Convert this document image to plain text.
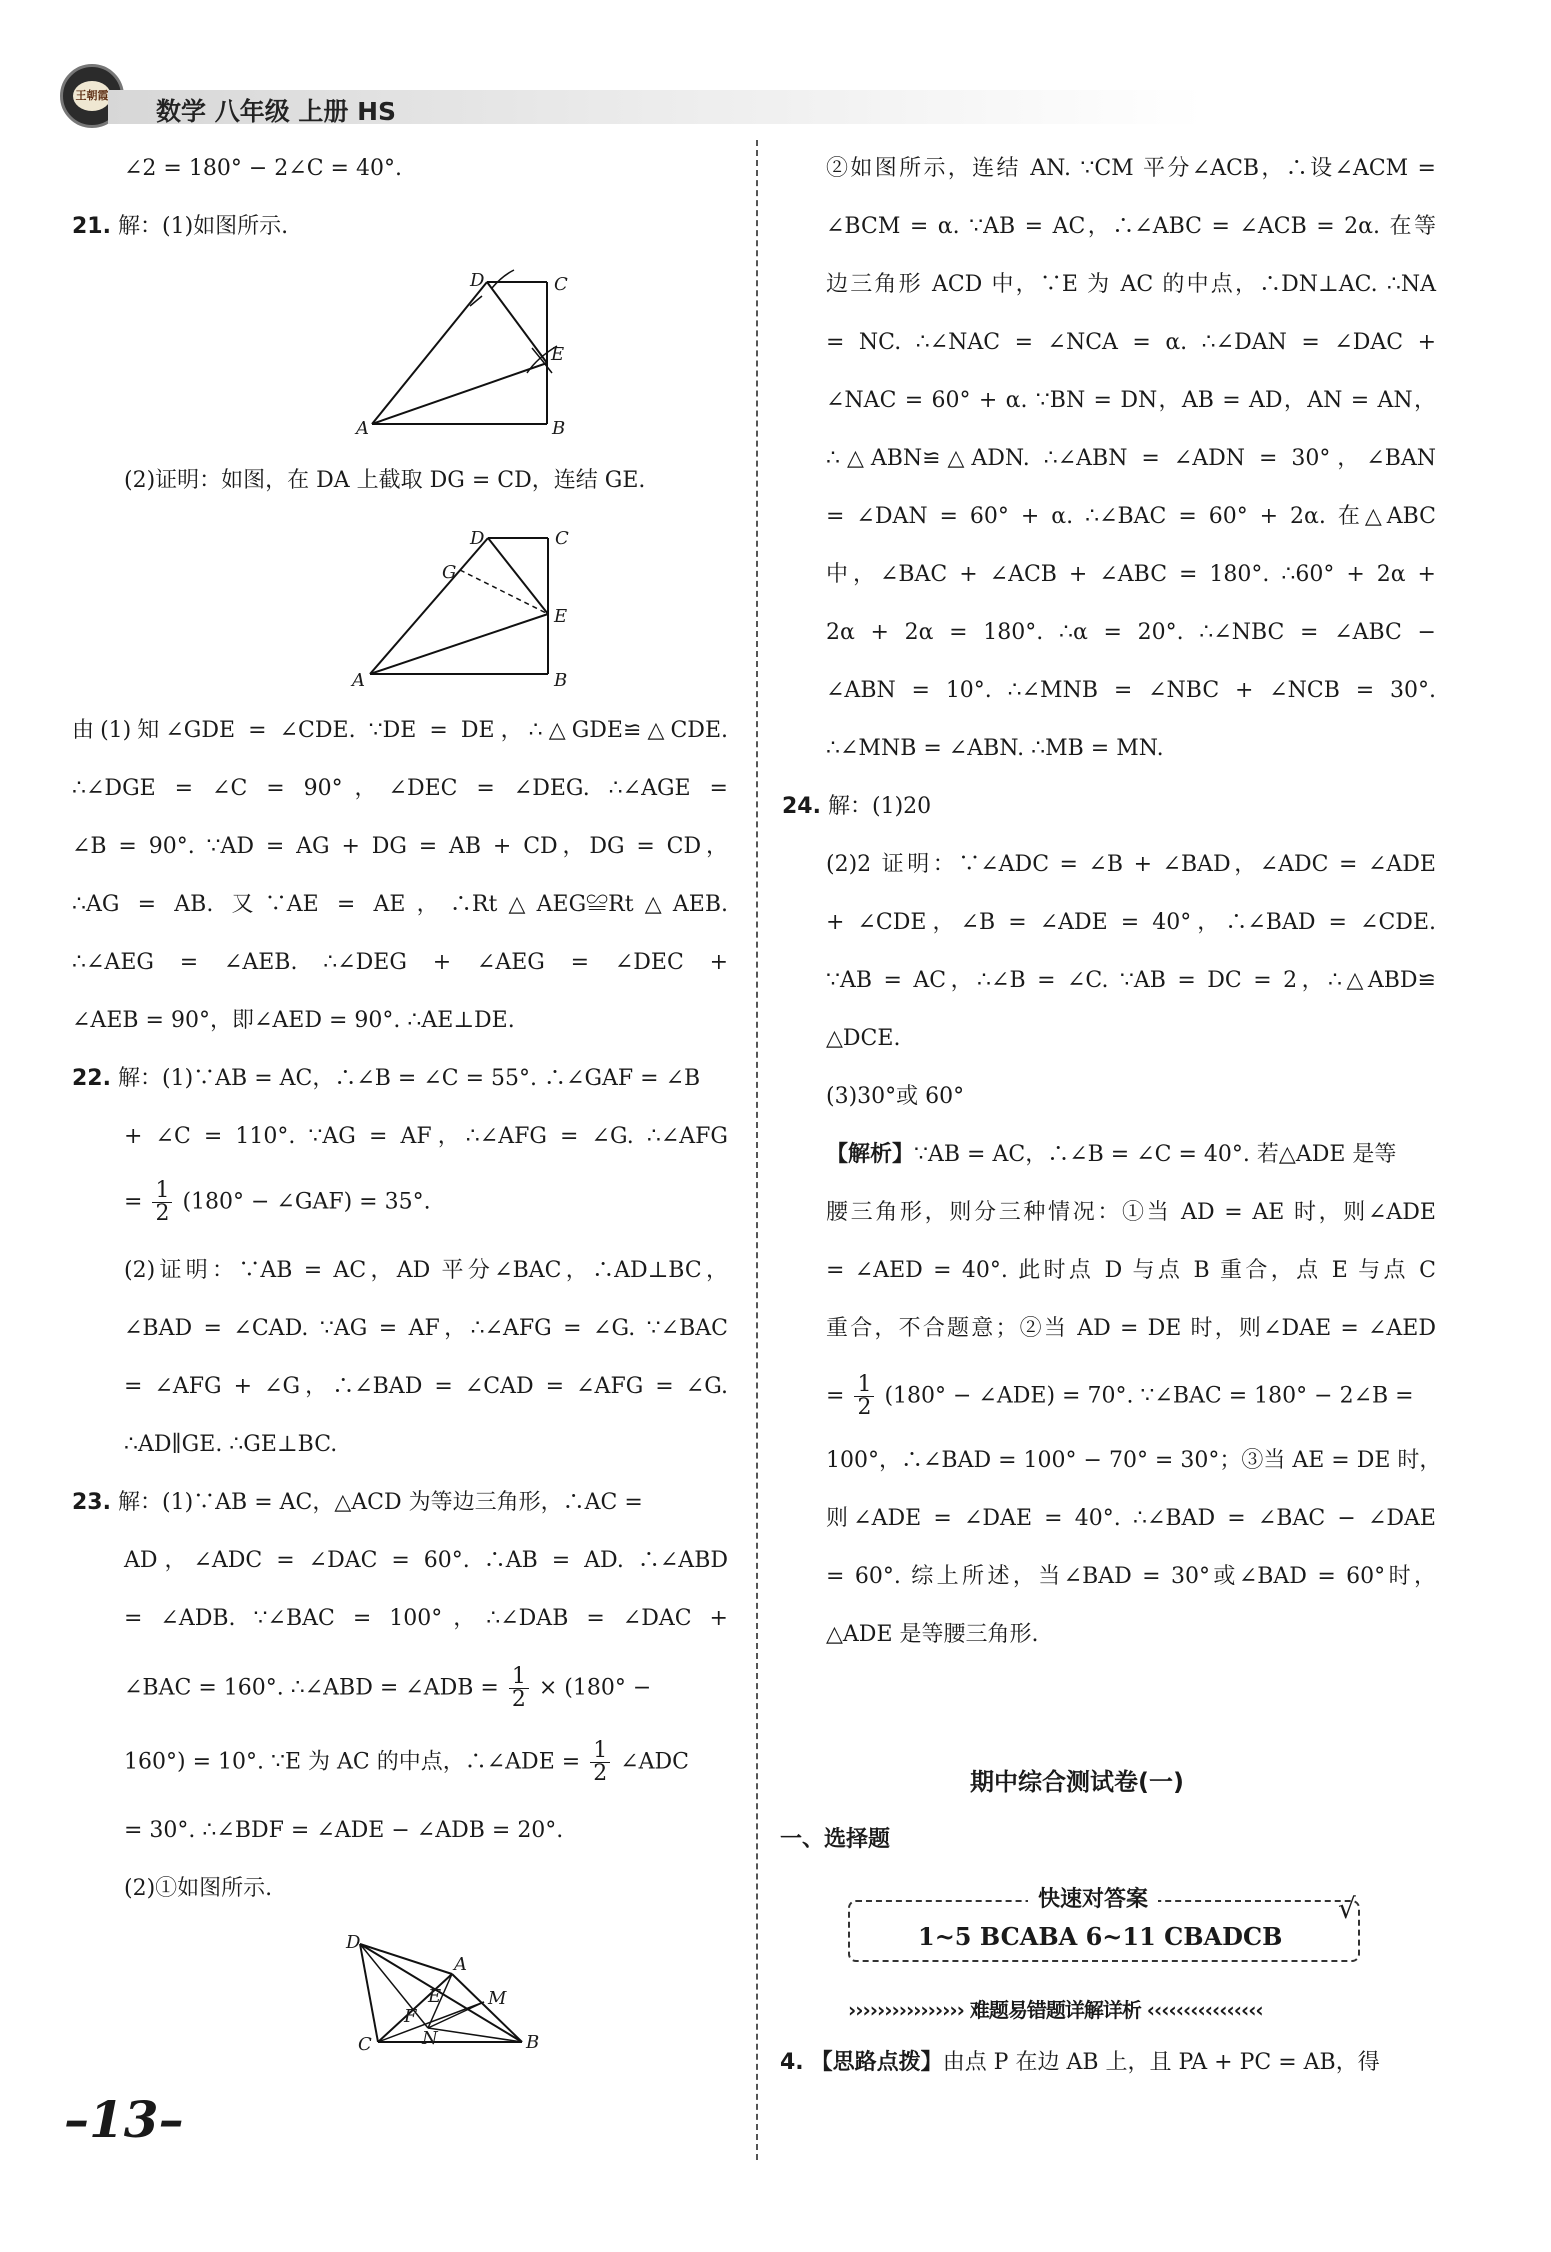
王朝霞
数学 八年级 上册 HS
∠2 = 180° − 2∠C = 40°.
21. 解：(1)如图所示.
D	C
E
A	B
(2)证明：如图，在 DA 上截取 DG = CD，连结 GE.
D	C
G
E
A	B
由(1)知∠GDE = ∠CDE. ∵DE = DE，∴△GDE≌△CDE.
∴∠DGE = ∠C = 90°，∠DEC = ∠DEG. ∴∠AGE =
∠B = 90°. ∵AD = AG + DG = AB + CD，DG = CD，
∴AG = AB. 又∵AE = AE，∴Rt△AEG≌Rt△AEB.
∴∠AEG = ∠AEB. ∴∠DEG + ∠AEG = ∠DEC +
∠AEB = 90°，即∠AED = 90°. ∴AE⊥DE.
22. 解：(1)∵AB = AC，∴∠B = ∠C = 55°. ∴∠GAF = ∠B
+ ∠C = 110°. ∵AG = AF，∴∠AFG = ∠G. ∴∠AFG
= $\frac{1}{2} (180^\circ$ − ∠GAF) = 35°.
(2)证明：∵AB = AC，AD 平分∠BAC，∴AD⊥BC，
∠BAD = ∠CAD. ∵AG = AF，∴∠AFG = ∠G. ∵∠BAC
= ∠AFG + ∠G，∴∠BAD = ∠CAD = ∠AFG = ∠G.
∴AD∥GE. ∴GE⊥BC.
23. 解：(1)∵AB = AC，△ACD 为等边三角形，∴AC =
AD，∠ADC = ∠DAC = 60°. ∴AB = AD. ∴∠ABD
= ∠ADB. ∵∠BAC = 100°，∴∠DAB = ∠DAC +
∠BAC = 160°. ∴∠ABD = ∠ADB = $\frac{1}{2} \times (180^\circ$ −
160°) = 10°. ∵E 为 AC 的中点，∴∠ADE = $\frac{1}{2}$ ∠ADC
= 30°. ∴∠BDF = ∠ADE − ∠ADB = 20°.
(2)①如图所示.
D
A
E
F
M
N
C	B
②如图所示，连结 AN. ∵CM 平分∠ACB，∴设∠ACM =
∠BCM = α. ∵AB = AC，∴∠ABC = ∠ACB = 2α. 在等
边三角形 ACD 中，∵E 为 AC 的中点，∴DN⊥AC. ∴NA
= NC. ∴∠NAC = ∠NCA = α. ∴∠DAN = ∠DAC +
∠NAC = 60° + α. ∵BN = DN，AB = AD，AN = AN，
∴△ABN≌△ADN. ∴∠ABN = ∠ADN = 30°，∠BAN
= ∠DAN = 60° + α. ∴∠BAC = 60° + 2α. 在△ABC
中，∠BAC + ∠ACB + ∠ABC = 180°. ∴60° + 2α +
2α + 2α = 180°. ∴α = 20°. ∴∠NBC = ∠ABC −
∠ABN = 10°. ∴∠MNB = ∠NBC + ∠NCB = 30°.
∴∠MNB = ∠ABN. ∴MB = MN.
24. 解：(1)20
(2)2 证明：∵∠ADC = ∠B + ∠BAD，∠ADC = ∠ADE
+ ∠CDE，∠B = ∠ADE = 40°，∴∠BAD = ∠CDE.
∵AB = AC，∴∠B = ∠C. ∵AB = DC = 2，∴△ABD≌
△DCE.
(3)30°或 60°
【解析】∵AB = AC，∴∠B = ∠C = 40°. 若△ADE 是等
腰三角形，则分三种情况：①当 AD = AE 时，则∠ADE
= ∠AED = 40°. 此时点 D 与点 B 重合，点 E 与点 C
重合，不合题意；②当 AD = DE 时，则∠DAE = ∠AED
= $\frac{1}{2} (180^\circ$ − ∠ADE) = 70°. ∵∠BAC = 180° − 2∠B =
100°，∴∠BAD = 100° − 70° = 30°；③当 AE = DE 时，
则∠ADE = ∠DAE = 40°. ∴∠BAD = ∠BAC − ∠DAE
= 60°. 综上所述，当∠BAD = 30°或∠BAD = 60°时，
△ADE 是等腰三角形.
期中综合测试卷(一)
一、选择题
快速对答案
1~5 BCABA 6~11 CBADCB
√
›››››››››››››››› 难题易错题详解详析 ‹‹‹‹‹‹‹‹‹‹‹‹‹‹‹‹
4. 【思路点拨】由点 P 在边 AB 上，且 PA + PC = AB，得
–13–
